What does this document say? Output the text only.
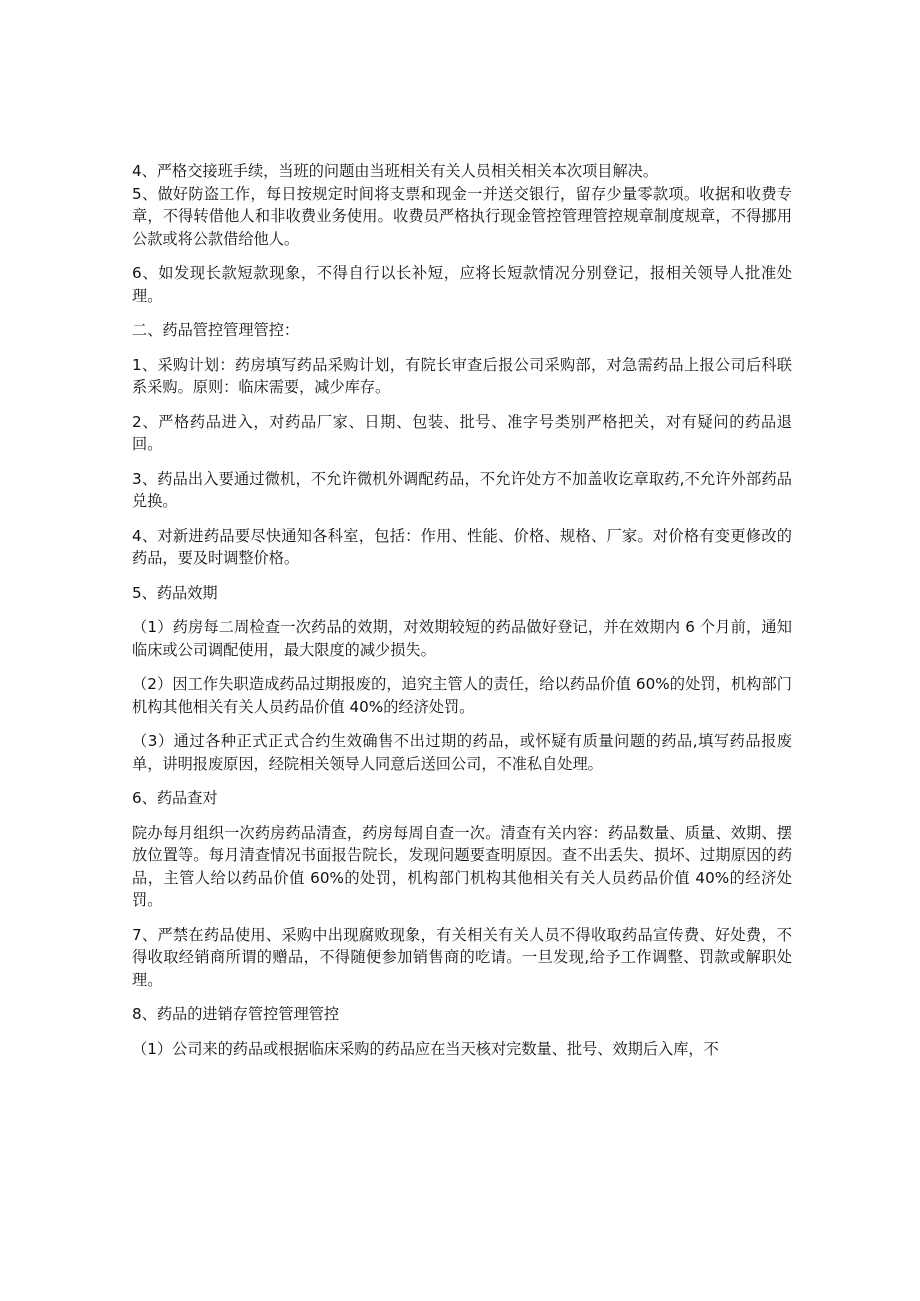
4、严格交接班手续，当班的问题由当班相关有关人员相关相关本次项目解决。

5、做好防盗工作，每日按规定时间将支票和现金一并送交银行，留存少量零款项。收据和收费专章，不得转借他人和非收费业务使用。收费员严格执行现金管控管理管控规章制度规章，不得挪用公款或将公款借给他人。

6、如发现长款短款现象，不得自行以长补短，应将长短款情况分别登记，报相关领导人批准处理。

二、药品管控管理管控：

1、采购计划：药房填写药品采购计划，有院长审查后报公司采购部，对急需药品上报公司后科联系采购。原则：临床需要，减少库存。

2、严格药品进入，对药品厂家、日期、包装、批号、准字号类别严格把关，对有疑问的药品退回。

3、药品出入要通过微机，不允许微机外调配药品，不允许处方不加盖收讫章取药,不允许外部药品兑换。

4、对新进药品要尽快通知各科室，包括：作用、性能、价格、规格、厂家。对价格有变更修改的药品，要及时调整价格。

5、药品效期

（1）药房每二周检查一次药品的效期，对效期较短的药品做好登记，并在效期内 6 个月前，通知临床或公司调配使用，最大限度的减少损失。

（2）因工作失职造成药品过期报废的，追究主管人的责任，给以药品价值 60%的处罚，机构部门机构其他相关有关人员药品价值 40%的经济处罚。

（3）通过各种正式正式合约生效确售不出过期的药品，或怀疑有质量问题的药品,填写药品报废单，讲明报废原因，经院相关领导人同意后送回公司，不准私自处理。

6、药品查对

院办每月组织一次药房药品清查，药房每周自查一次。清查有关内容：药品数量、质量、效期、摆放位置等。每月清查情况书面报告院长，发现问题要查明原因。查不出丢失、损坏、过期原因的药品，主管人给以药品价值 60%的处罚，机构部门机构其他相关有关人员药品价值 40%的经济处罚。

7、严禁在药品使用、采购中出现腐败现象，有关相关有关人员不得收取药品宣传费、好处费，不得收取经销商所谓的赠品，不得随便参加销售商的吃请。一旦发现,给予工作调整、罚款或解职处理。

8、药品的进销存管控管理管控

（1）公司来的药品或根据临床采购的药品应在当天核对完数量、批号、效期后入库，不
